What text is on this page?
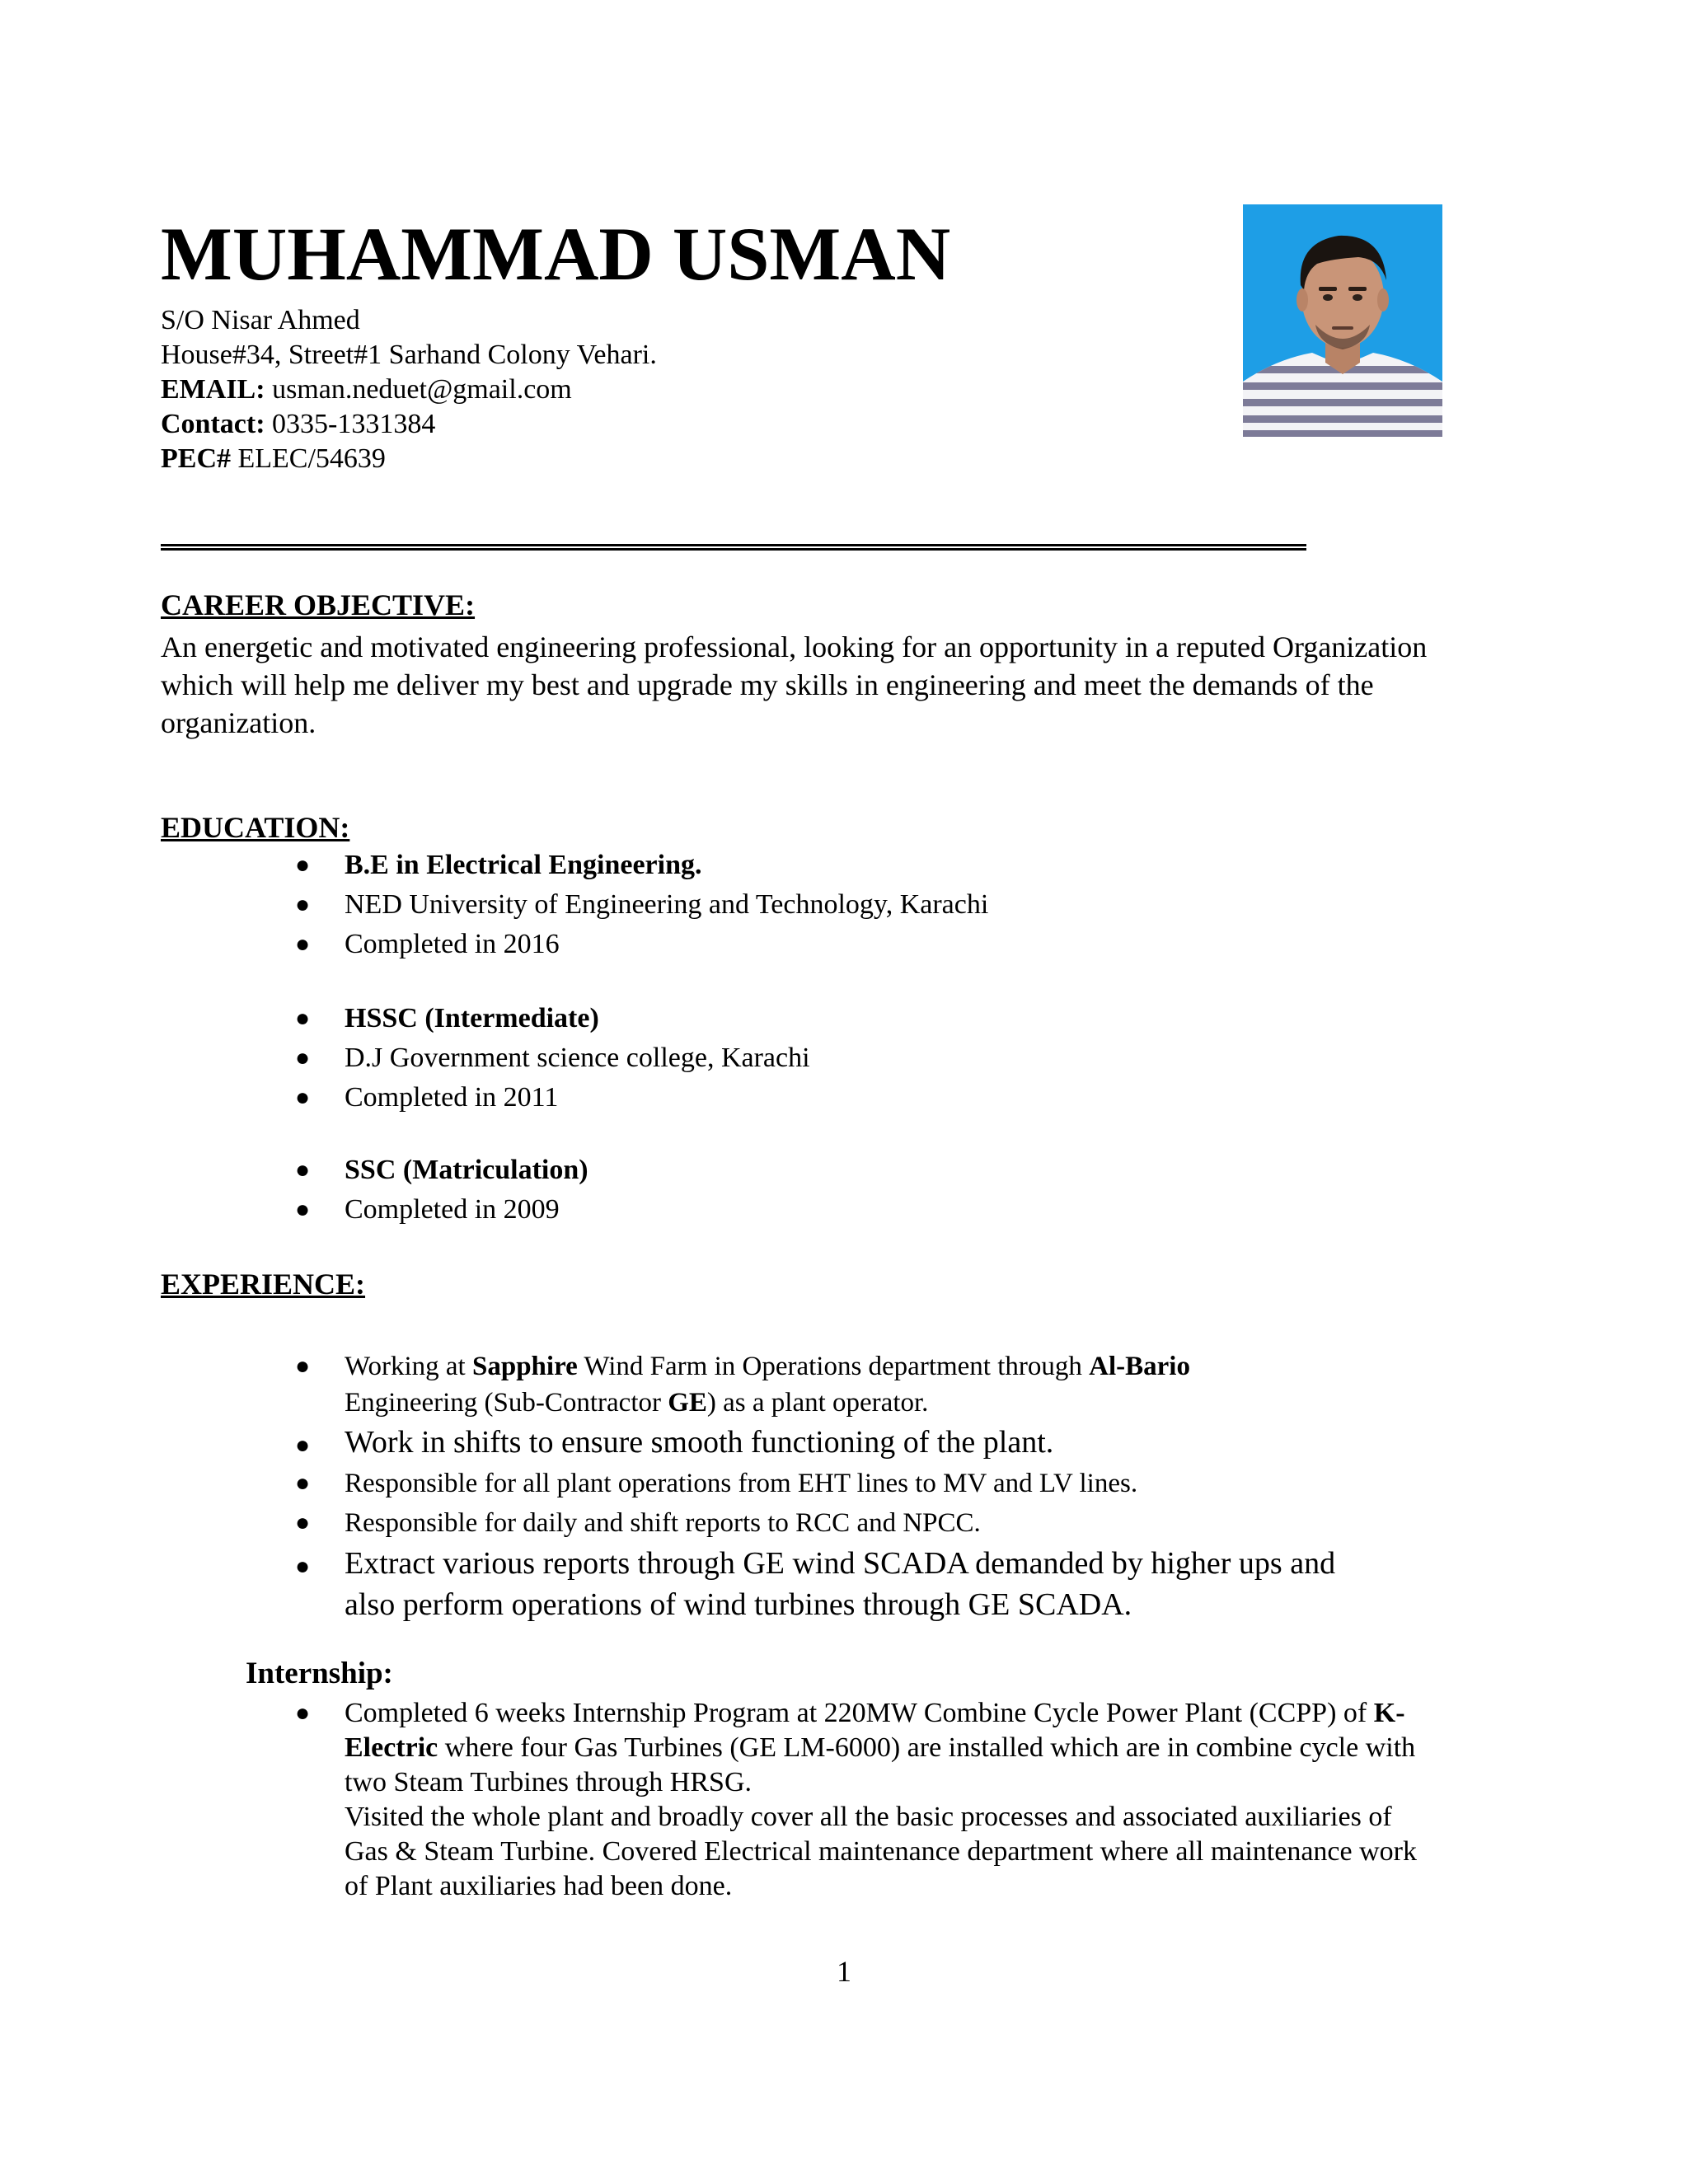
MUHAMMAD USMAN
S/O Nisar Ahmed
House#34, Street#1 Sarhand Colony Vehari.
EMAIL: usman.neduet@gmail.com
Contact: 0335-1331384
PEC# ELEC/54639
CAREER OBJECTIVE:
An energetic and motivated engineering professional, looking for an opportunity in a reputed Organization which will help me deliver my best and upgrade my skills in engineering and meet the demands of the organization.
EDUCATION:
● B.E in Electrical Engineering.
● NED University of Engineering and Technology, Karachi
● Completed in 2016
● HSSC (Intermediate)
● D.J Government science college, Karachi
● Completed in 2011
● SSC (Matriculation)
● Completed in 2009
EXPERIENCE:
● Working at Sapphire Wind Farm in Operations department through Al-Bario
Engineering (Sub-Contractor GE) as a plant operator.
● Work in shifts to ensure smooth functioning of the plant.
● Responsible for all plant operations from EHT lines to MV and LV lines.
● Responsible for daily and shift reports to RCC and NPCC.
● Extract various reports through GE wind SCADA demanded by higher ups and
also perform operations of wind turbines through GE SCADA.
Internship:
● Completed 6 weeks Internship Program at 220MW Combine Cycle Power Plant (CCPP) of K-Electric where four Gas Turbines (GE LM-6000) are installed which are in combine cycle with two Steam Turbines through HRSG.
Visited the whole plant and broadly cover all the basic processes and associated auxiliaries of Gas & Steam Turbine. Covered Electrical maintenance department where all maintenance work of Plant auxiliaries had been done.
1
